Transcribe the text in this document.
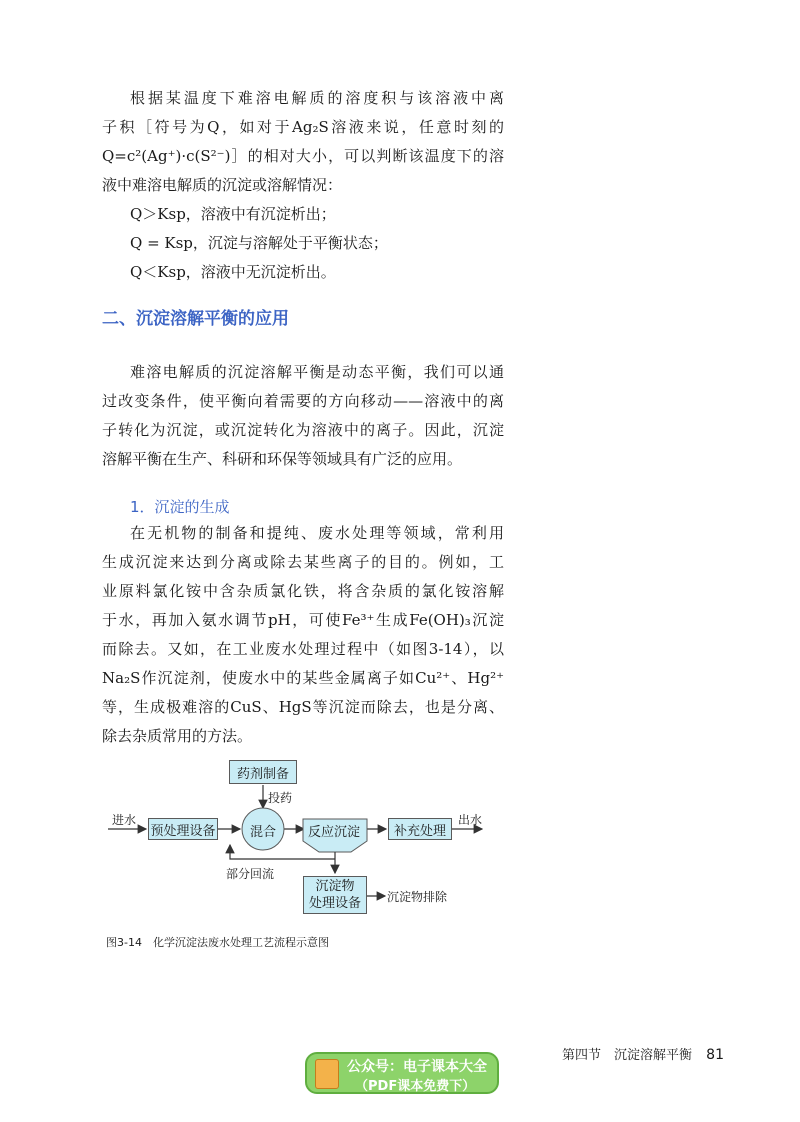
根据某温度下难溶电解质的溶度积与该溶液中离
子积［符号为Q，如对于Ag₂S溶液来说，任意时刻的
Q=c²(Ag⁺)·c(S²⁻)］的相对大小，可以判断该温度下的溶
液中难溶电解质的沉淀或溶解情况：
Q＞Ksp，溶液中有沉淀析出；
Q = Ksp，沉淀与溶解处于平衡状态；
Q＜Ksp，溶液中无沉淀析出。
二、沉淀溶解平衡的应用
难溶电解质的沉淀溶解平衡是动态平衡，我们可以通
过改变条件，使平衡向着需要的方向移动——溶液中的离
子转化为沉淀，或沉淀转化为溶液中的离子。因此，沉淀
溶解平衡在生产、科研和环保等领域具有广泛的应用。
1．沉淀的生成
在无机物的制备和提纯、废水处理等领域，常利用
生成沉淀来达到分离或除去某些离子的目的。例如，工
业原料氯化铵中含杂质氯化铁，将含杂质的氯化铵溶解
于水，再加入氨水调节pH，可使Fe³⁺生成Fe(OH)₃沉淀
而除去。又如，在工业废水处理过程中（如图3-14），以
Na₂S作沉淀剂，使废水中的某些金属离子如Cu²⁺、Hg²⁺
等，生成极难溶的CuS、HgS等沉淀而除去，也是分离、
除去杂质常用的方法。
药剂制备
投药
进水
预处理设备	混合 反应沉淀	补充处理
出水
部分回流
沉淀物
处理设备 沉淀物排除
图3-14　化学沉淀法废水处理工艺流程示意图
公众号：电子课本大全
（PDF课本免费下）
第四节　沉淀溶解平衡 81
